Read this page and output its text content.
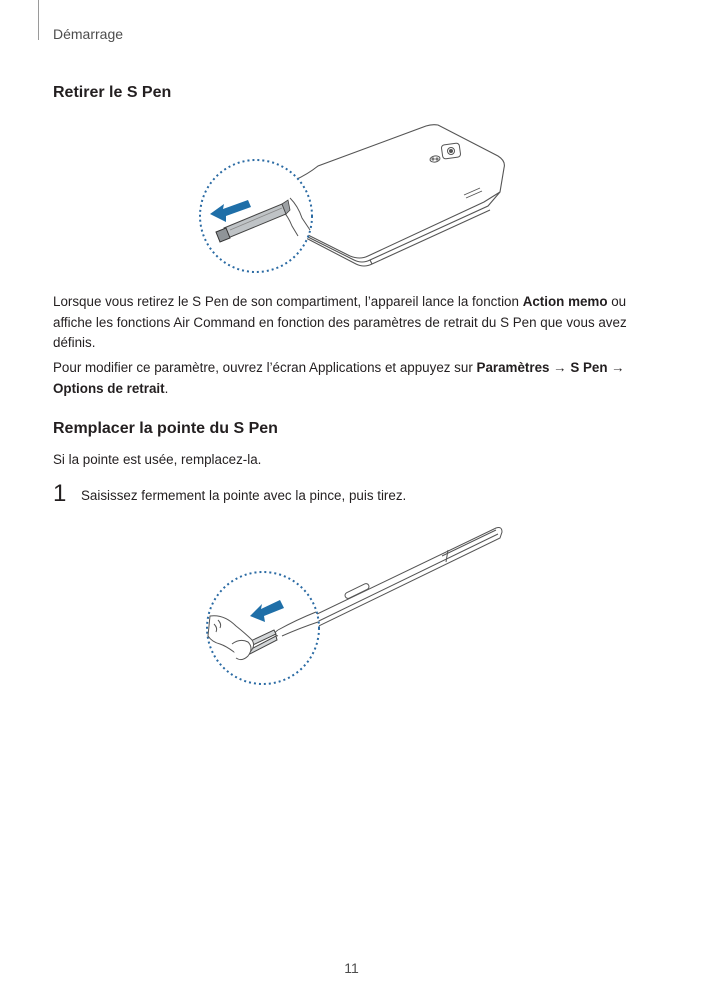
Démarrage
Retirer le S Pen

Lorsque vous retirez le S Pen de son compartiment, l’appareil lance la fonction Action memo ou affiche les fonctions Air Command en fonction des paramètres de retrait du S Pen que vous avez définis.

Pour modifier ce paramètre, ouvrez l’écran Applications et appuyez sur Paramètres → S Pen → Options de retrait.

Remplacer la pointe du S Pen

Si la pointe est usée, remplacez-la.

1 Saisissez fermement la pointe avec la pince, puis tirez.
11
